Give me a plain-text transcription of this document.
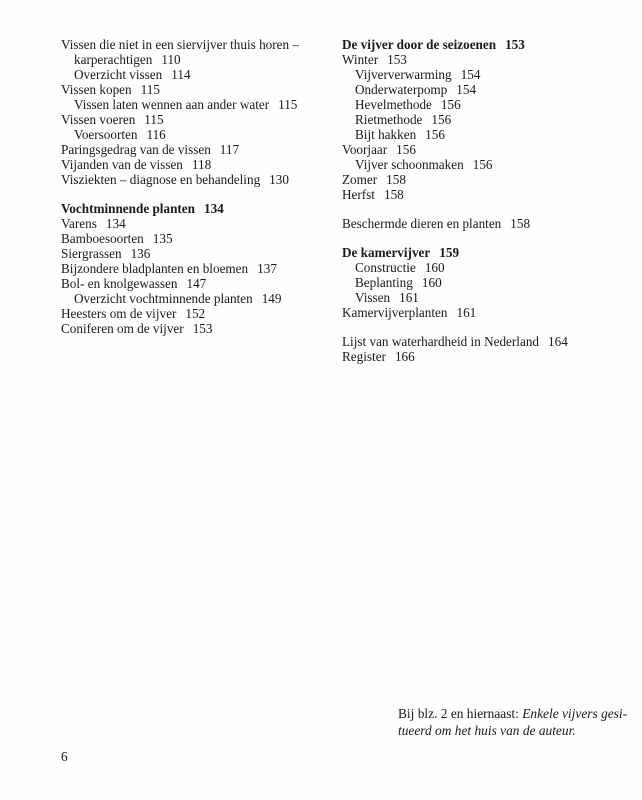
Vissen die niet in een siervijver thuis horen –
karperachtigen 110
Overzicht vissen 114
Vissen kopen 115
Vissen laten wennen aan ander water 115
Vissen voeren 115
Voersoorten 116
Paringsgedrag van de vissen 117
Vijanden van de vissen 118
Visziekten – diagnose en behandeling 130
Vochtminnende planten 134
Varens 134
Bamboesoorten 135
Siergrassen 136
Bijzondere bladplanten en bloemen 137
Bol- en knolgewassen 147
Overzicht vochtminnende planten 149
Heesters om de vijver 152
Coniferen om de vijver 153
De vijver door de seizoenen 153
Winter 153
Vijververwarming 154
Onderwaterpomp 154
Hevelmethode 156
Rietmethode 156
Bijt hakken 156
Voorjaar 156
Vijver schoonmaken 156
Zomer 158
Herfst 158
Beschermde dieren en planten 158
De kamervijver 159
Constructie 160
Beplanting 160
Vissen 161
Kamervijverplanten 161
Lijst van waterhardheid in Nederland 164
Register 166
Bij blz. 2 en hiernaast: Enkele vijvers gesi-tueerd om het huis van de auteur.
6
